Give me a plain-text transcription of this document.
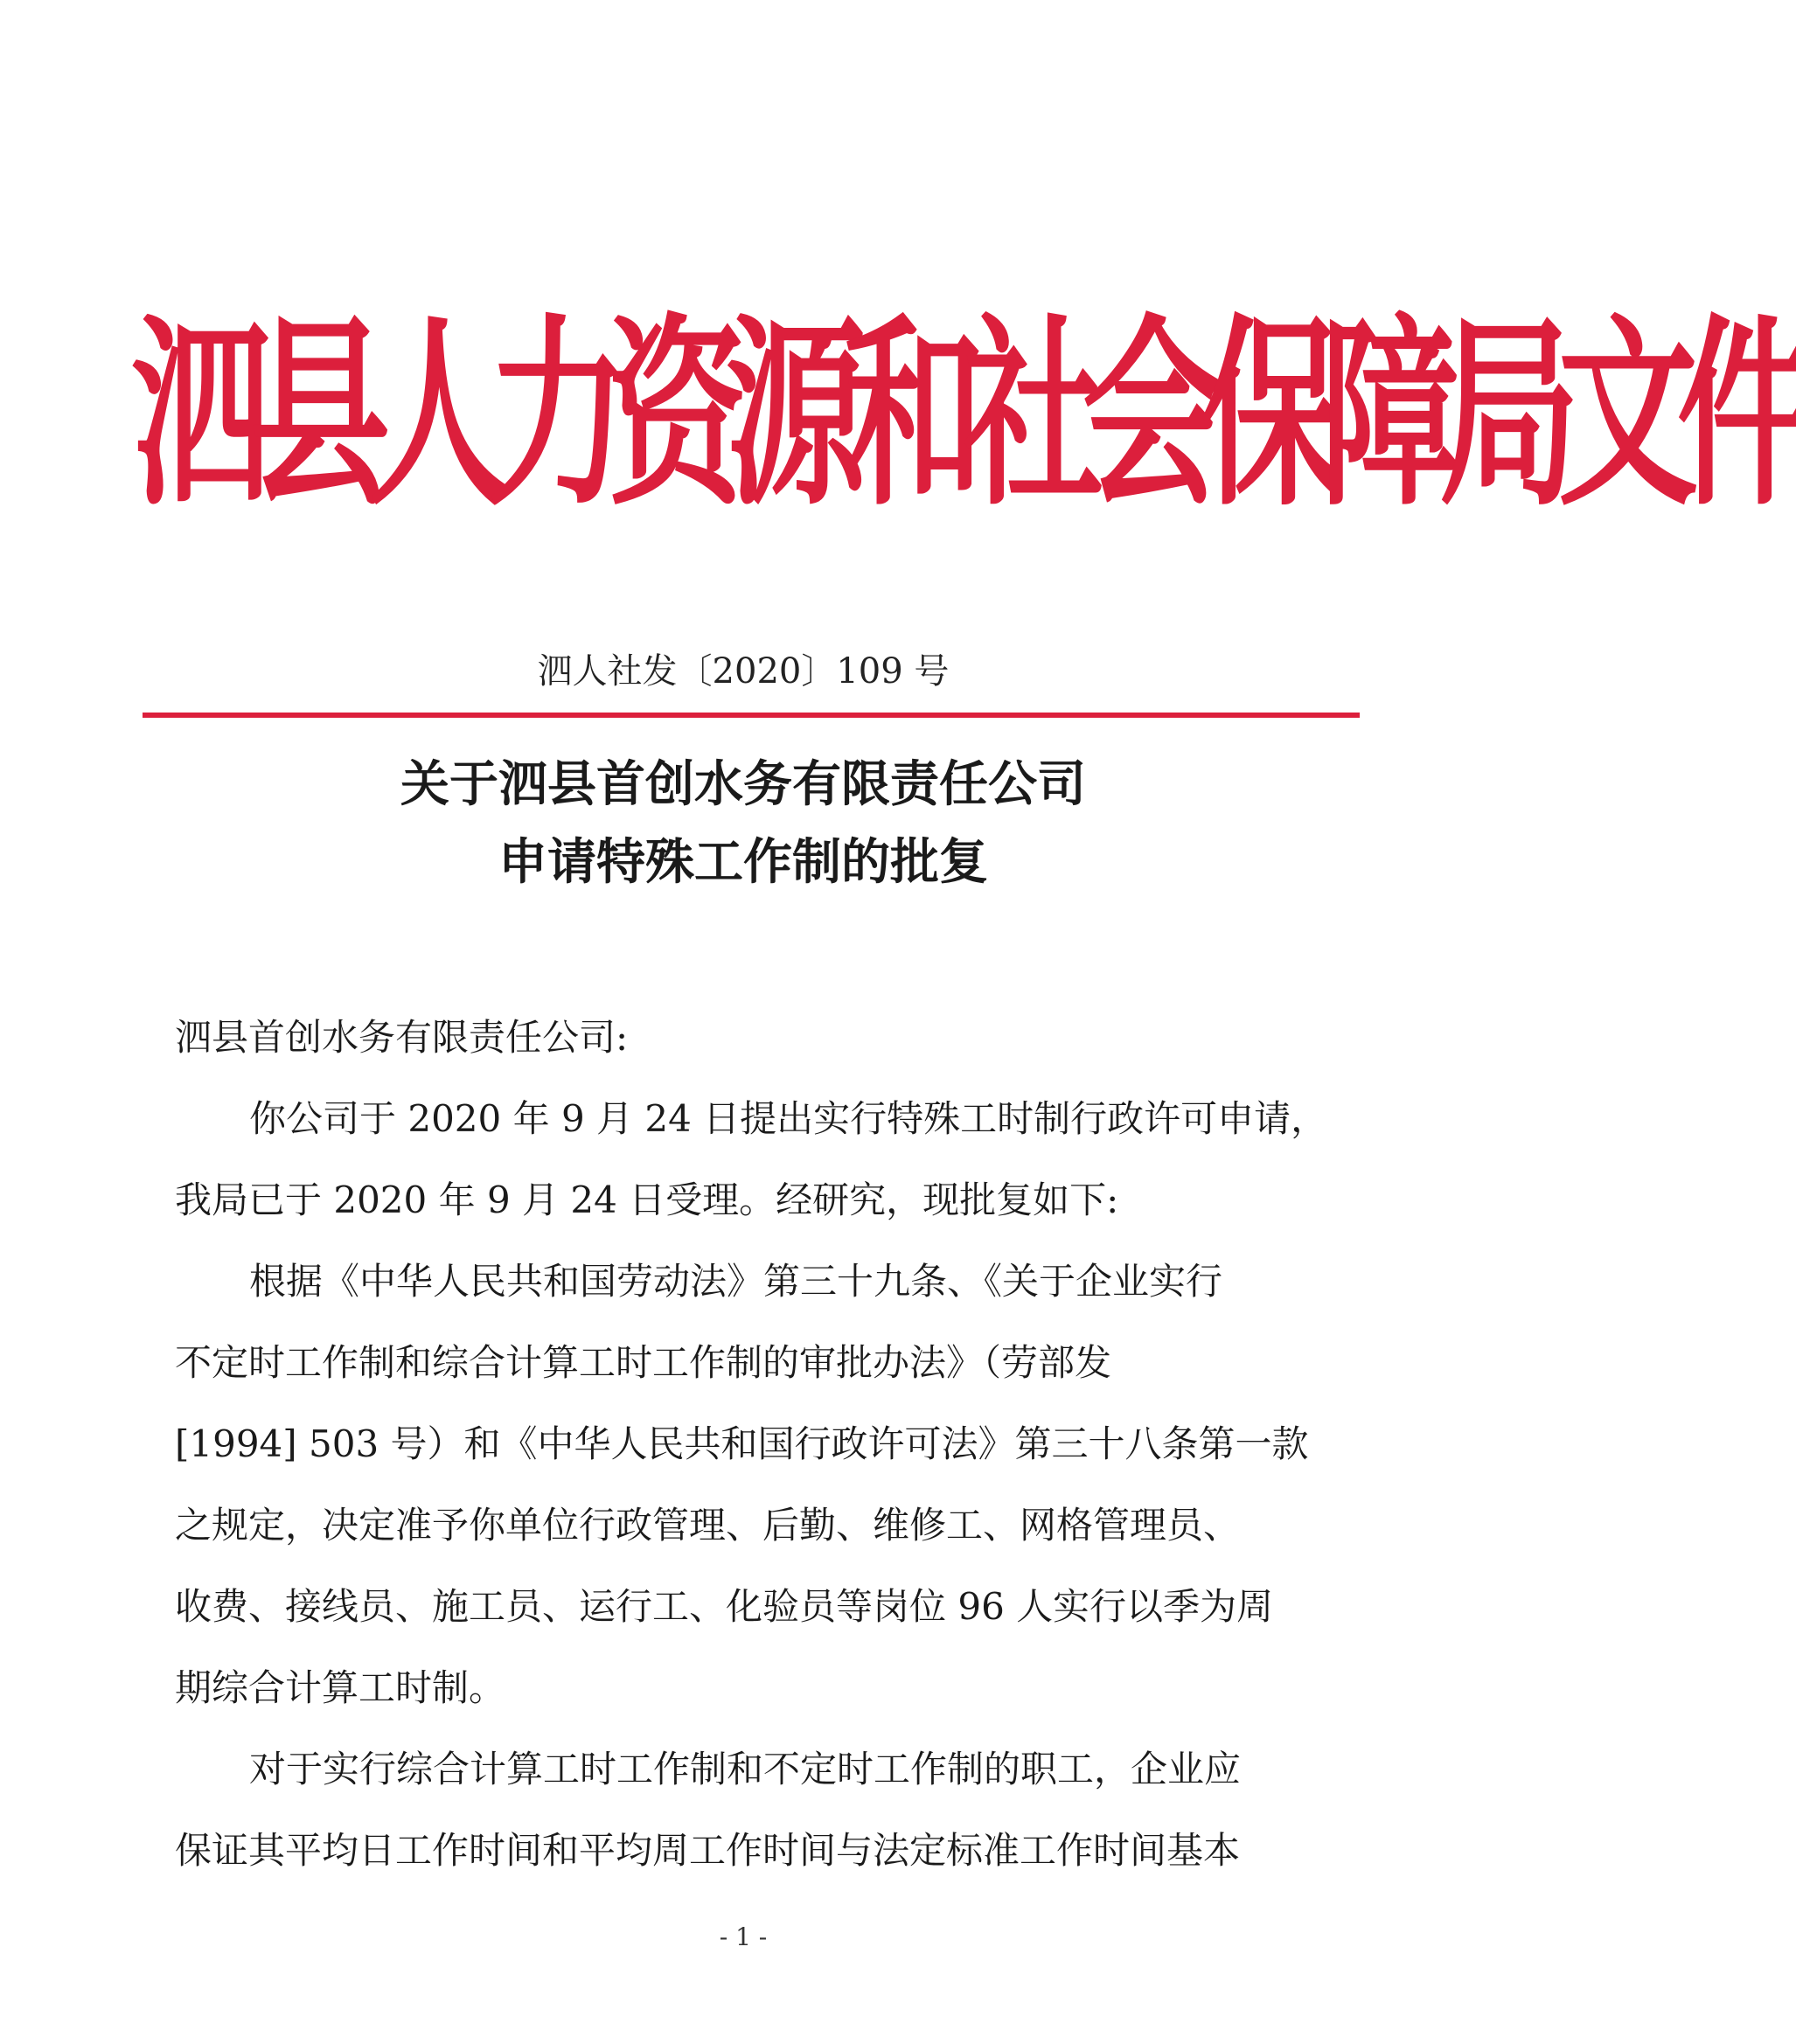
泗县人力资源和社会保障局文件
泗人社发〔2020〕109 号
关于泗县首创水务有限责任公司
申请特殊工作制的批复
泗县首创水务有限责任公司:
你公司于 2020 年 9 月 24 日提出实行特殊工时制行政许可申请，
我局已于 2020 年 9 月 24 日受理。经研究，现批复如下:
根据《中华人民共和国劳动法》第三十九条、《关于企业实行
不定时工作制和综合计算工时工作制的审批办法》（劳部发
[1994] 503 号）和《中华人民共和国行政许可法》第三十八条第一款
之规定，决定准予你单位行政管理、后勤、维修工、网格管理员、
收费、接线员、施工员、运行工、化验员等岗位 96 人实行以季为周
期综合计算工时制。
对于实行综合计算工时工作制和不定时工作制的职工，企业应
保证其平均日工作时间和平均周工作时间与法定标准工作时间基本
- 1 -
